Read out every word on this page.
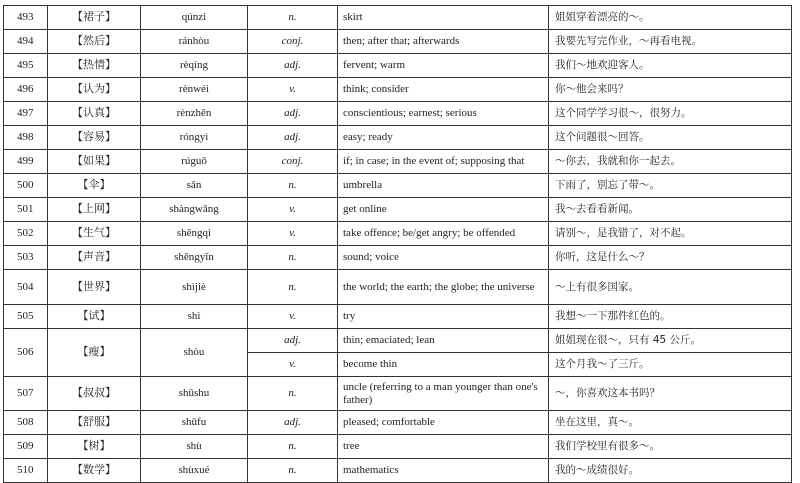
493	【裙子】	qúnzi	n.	skirt	姐姐穿着漂亮的～。
494	【然后】	ránhòu	conj.	then; after that; afterwards	我要先写完作业，～再看电视。
495	【热情】	rèqíng	adj.	fervent; warm	我们～地欢迎客人。
496	【认为】	rènwéi	v.	think; consider	你～他会来吗？
497	【认真】	rènzhēn	adj.	conscientious; earnest; serious	这个同学学习很～，很努力。
498	【容易】	róngyì	adj.	easy; ready	这个问题很～回答。
499	【如果】	rúguǒ	conj.	if; in case; in the event of; supposing that	～你去，我就和你一起去。
500	【伞】	sǎn	n.	umbrella	下雨了，别忘了带～。
501	【上网】	shàngwǎng	v.	get online	我～去看看新闻。
502	【生气】	shēngqì	v.	take offence; be/get angry; be offended	请别～，是我错了，对不起。
503	【声音】	shēngyīn	n.	sound; voice	你听，这是什么～？
504	【世界】	shìjiè	n.	the world; the earth; the globe; the universe	～上有很多国家。
505	【试】	shì	v.	try	我想～一下那件红色的。
506	【瘦】	shòu	adj.	thin; emaciated; lean	姐姐现在很～，只有 45 公斤。
			v.	become thin	这个月我～了三斤。
507	【叔叔】	shūshu	n.	uncle (referring to a man younger than one's father)	～，你喜欢这本书吗？
508	【舒服】	shūfu	adj.	pleased; comfortable	坐在这里，真～。
509	【树】	shù	n.	tree	我们学校里有很多～。
510	【数学】	shùxué	n.	mathematics	我的～成绩很好。
